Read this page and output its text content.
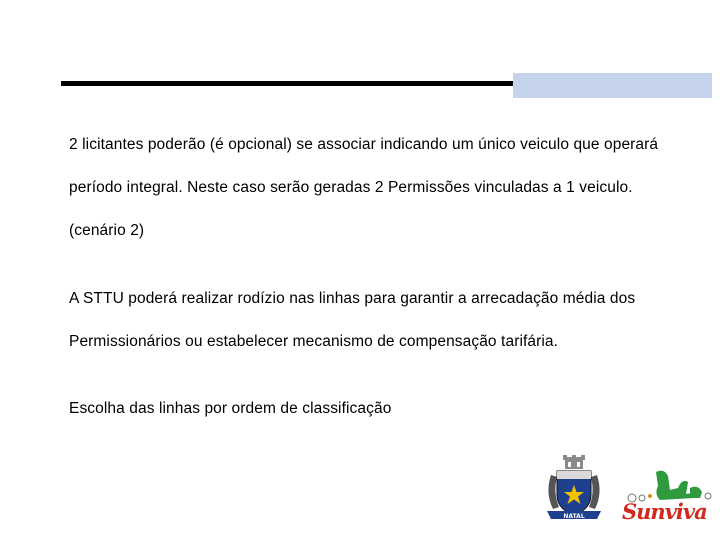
2 licitantes poderão (é opcional) se associar indicando um único veiculo que operará
período integral. Neste caso serão geradas 2 Permissões vinculadas a 1 veiculo.
(cenário 2)
A STTU poderá realizar rodízio nas linhas para garantir a arrecadação média dos
Permissionários ou estabelecer mecanismo de compensação tarifária.
Escolha das linhas por ordem de classificação
NATAL Sunviva
